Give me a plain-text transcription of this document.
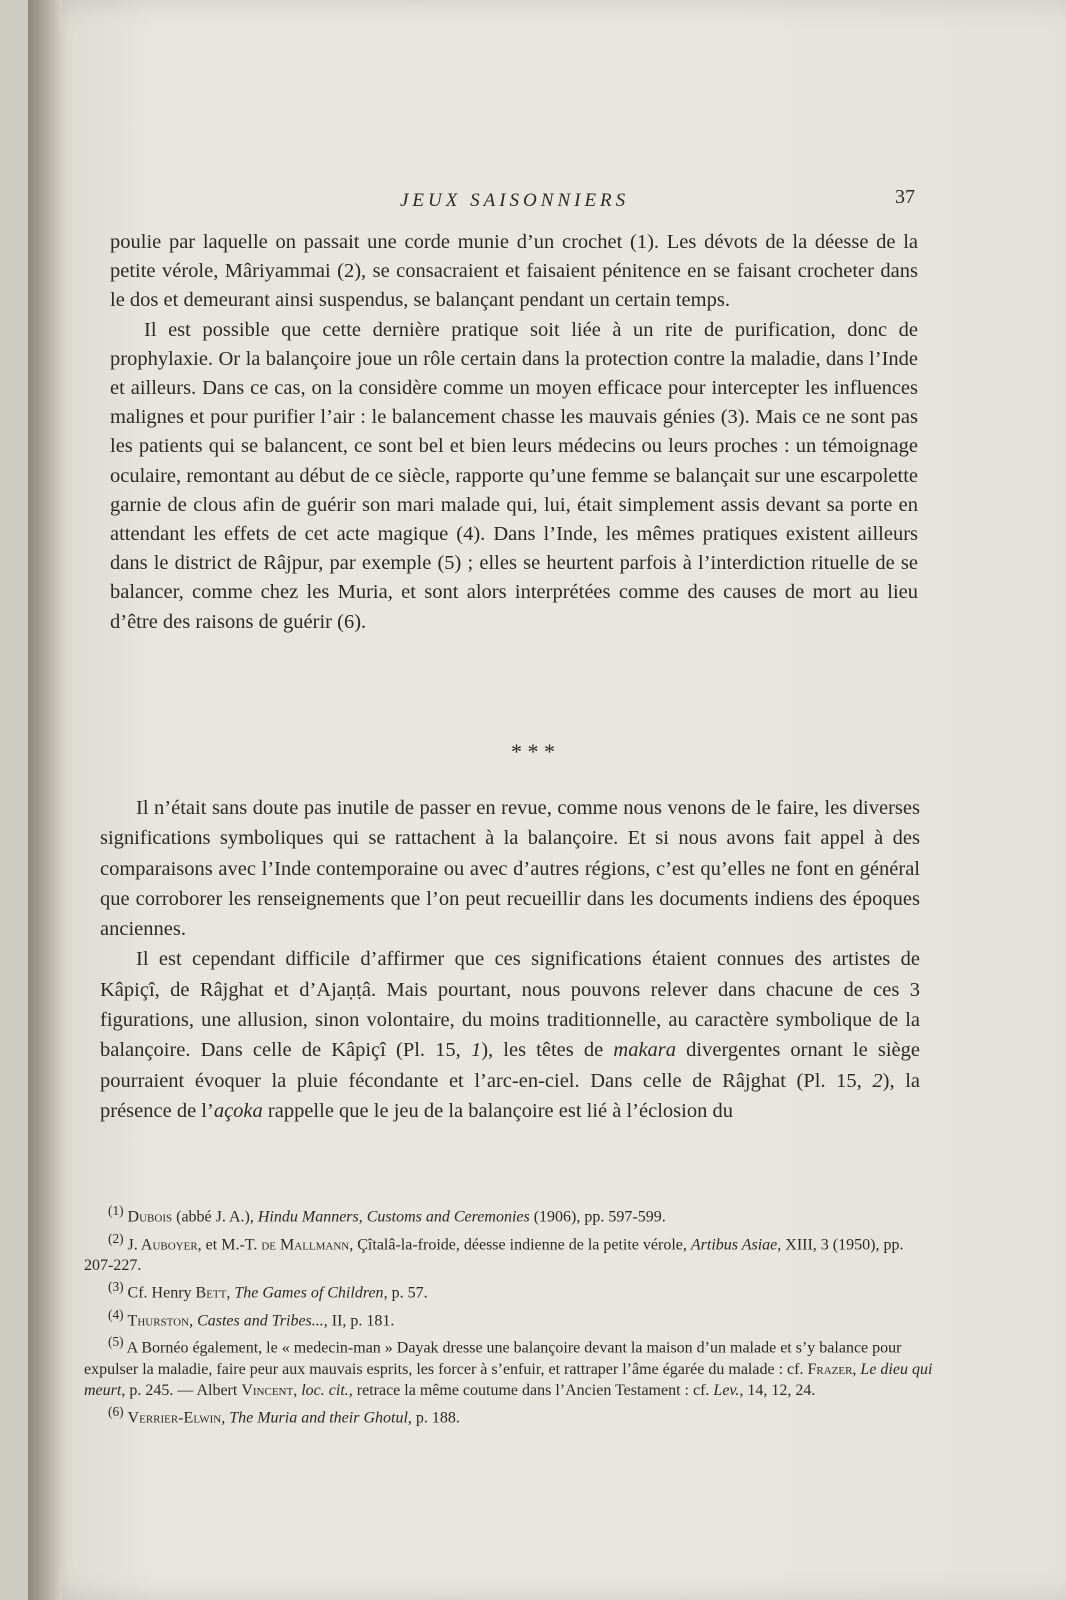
JEUX SAISONNIERS	37

poulie par laquelle on passait une corde munie d’un crochet (1). Les dévots de la déesse de la petite vérole, Mâriyammai (2), se consacraient et faisaient pénitence en se faisant crocheter dans le dos et demeurant ainsi suspendus, se balançant pendant un certain temps.

Il est possible que cette dernière pratique soit liée à un rite de purification, donc de prophylaxie. Or la balançoire joue un rôle certain dans la protection contre la maladie, dans l’Inde et ailleurs. Dans ce cas, on la considère comme un moyen efficace pour intercepter les influences malignes et pour purifier l’air : le balancement chasse les mauvais génies (3). Mais ce ne sont pas les patients qui se balancent, ce sont bel et bien leurs médecins ou leurs proches : un témoignage oculaire, remontant au début de ce siècle, rapporte qu’une femme se balançait sur une escarpolette garnie de clous afin de guérir son mari malade qui, lui, était simplement assis devant sa porte en attendant les effets de cet acte magique (4). Dans l’Inde, les mêmes pratiques existent ailleurs dans le district de Râjpur, par exemple (5) ; elles se heurtent parfois à l’interdiction rituelle de se balancer, comme chez les Muria, et sont alors interprétées comme des causes de mort au lieu d’être des raisons de guérir (6).

* * *

Il n’était sans doute pas inutile de passer en revue, comme nous venons de le faire, les diverses significations symboliques qui se rattachent à la balançoire. Et si nous avons fait appel à des comparaisons avec l’Inde contemporaine ou avec d’autres régions, c’est qu’elles ne font en général que corroborer les renseignements que l’on peut recueillir dans les documents indiens des époques anciennes.

Il est cependant difficile d’affirmer que ces significations étaient connues des artistes de Kâpiçî, de Râjghat et d’Ajaṇṭâ. Mais pourtant, nous pouvons relever dans chacune de ces 3 figurations, une allusion, sinon volontaire, du moins traditionnelle, au caractère symbolique de la balançoire. Dans celle de Kâpiçî (Pl. 15, 1), les têtes de makara divergentes ornant le siège pourraient évoquer la pluie fécondante et l’arc-en-ciel. Dans celle de Râjghat (Pl. 15, 2), la présence de l’açoka rappelle que le jeu de la balançoire est lié à l’éclosion du

$^{(1)}$ Dubois (abbé J. A.), Hindu Manners, Customs and Ceremonies (1906), pp. 597-599.

$^{(2)}$ J. Auboyer, et M.-T. de Mallmann, Çîtalâ-la-froide, déesse indienne de la petite vérole, Artibus Asiae, XIII, 3 (1950), pp. 207-227.

$^{(3)}$ Cf. Henry Bett, The Games of Children, p. 57.

$^{(4)}$ Thurston, Castes and Tribes..., II, p. 181.

$^{(5)}$ A Bornéo également, le « medecin-man » Dayak dresse une balançoire devant la maison d’un malade et s’y balance pour expulser la maladie, faire peur aux mauvais esprits, les forcer à s’enfuir, et rattraper l’âme égarée du malade : cf. Frazer, Le dieu qui meurt, p. 245. — Albert Vincent, loc. cit., retrace la même coutume dans l’Ancien Testament : cf. Lev., 14, 12, 24.

$^{(6)}$ Verrier-Elwin, The Muria and their Ghotul, p. 188.
